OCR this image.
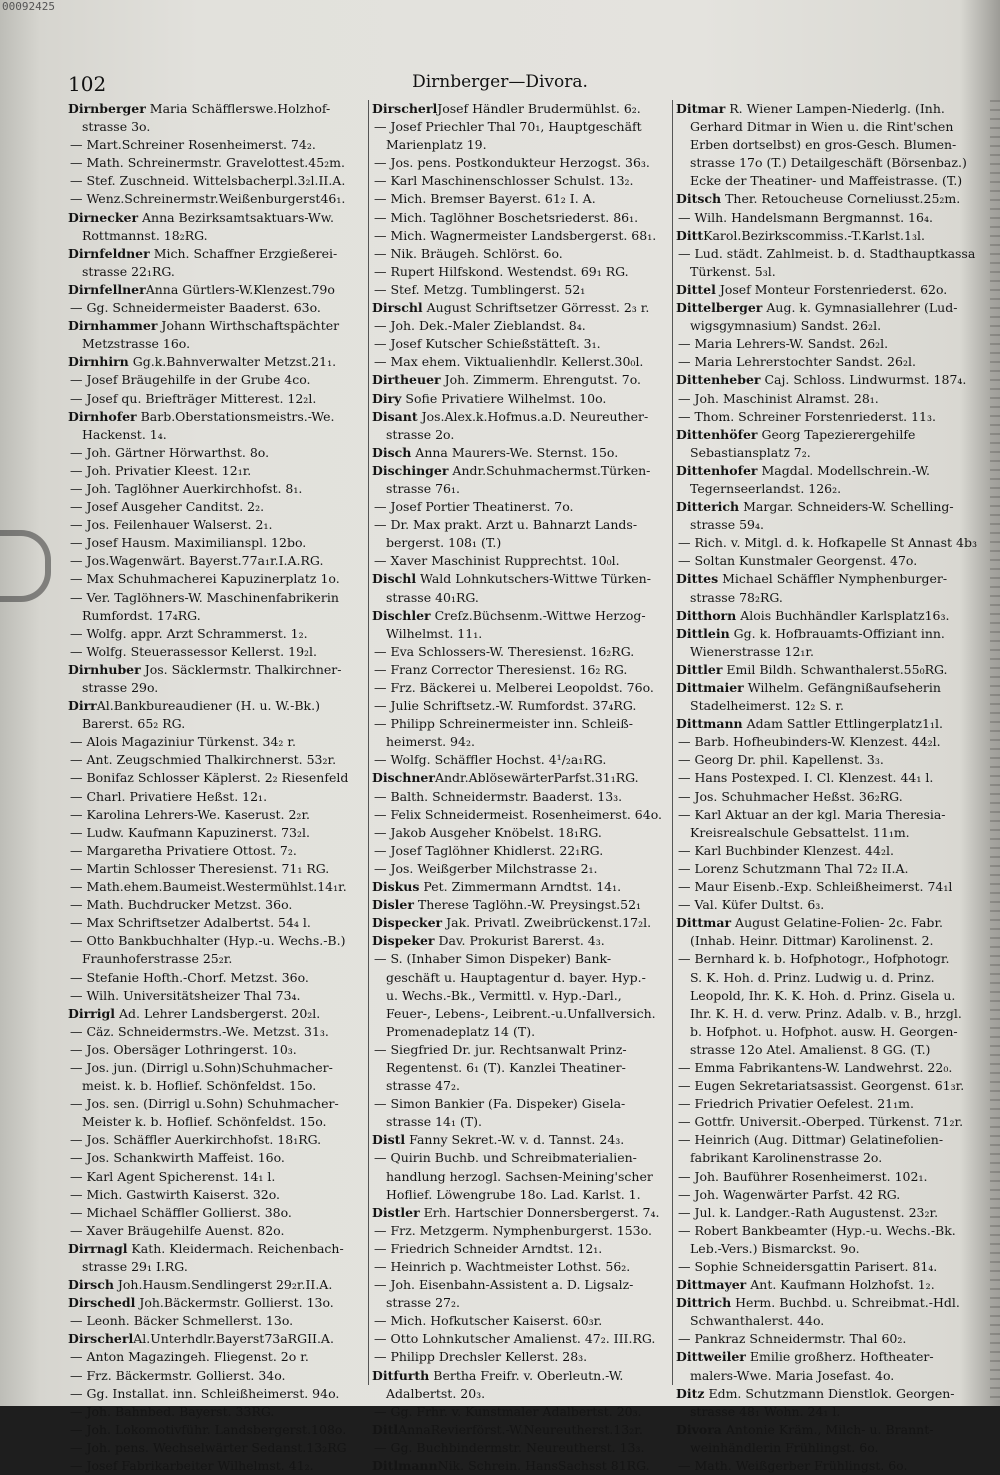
00092425
102	Dirnberger—Divora.
Dirnberger Maria Schäfflerswe.Holzhof-
strasse 3o.
— Mart.Schreiner Rosenheimerst. 74₂.
— Math. Schreinermstr. Gravelottest.45₂m.
— Stef. Zuschneid. Wittelsbacherpl.3₂l.II.A.
— Wenz.Schreinermstr.Weißenburgerst46₁.
Dirnecker Anna Bezirksamtsaktuars-Ww.
Rottmannst. 18₂RG.
Dirnfeldner Mich. Schaffner Erzgießerei-
strasse 22₁RG.
DirnfellnerAnna Gürtlers-W.Klenzest.79o
— Gg. Schneidermeister Baaderst. 63o.
Dirnhammer Johann Wirthschaftspächter
Metzstrasse 16o.
Dirnhirn Gg.k.Bahnverwalter Metzst.21₁.
— Josef Bräugehilfe in der Grube 4co.
— Josef qu. Briefträger Mitterest. 12₂l.
Dirnhofer Barb.Oberstationsmeistrs.-We.
Hackenst. 1₄.
— Joh. Gärtner Hörwarthst. 8o.
— Joh. Privatier Kleest. 12₁r.
— Joh. Taglöhner Auerkirchhofst. 8₁.
— Josef Ausgeher Canditst. 2₂.
— Jos. Feilenhauer Walserst. 2₁.
— Josef Hausm. Maximilianspl. 12bo.
— Jos.Wagenwärt. Bayerst.77a₁r.I.A.RG.
— Max Schuhmacherei Kapuzinerplatz 1o.
— Ver. Taglöhners-W. Maschinenfabrikerin
Rumfordst. 17₄RG.
— Wolfg. appr. Arzt Schrammerst. 1₂.
— Wolfg. Steuerassessor Kellerst. 19₂l.
Dirnhuber Jos. Säcklermstr. Thalkirchner-
strasse 29o.
DirrAl.Bankbureaudiener (H. u. W.-Bk.)
Barerst. 65₂ RG.
— Alois Magaziniur Türkenst. 34₂ r.
— Ant. Zeugschmied Thalkirchnerst. 53₂r.
— Bonifaz Schlosser Käplerst. 2₂ Riesenfeld
— Charl. Privatiere Heßst. 12₁.
— Karolina Lehrers-We. Kaserust. 2₂r.
— Ludw. Kaufmann Kapuzinerst. 73₂l.
— Margaretha Privatiere Ottost. 7₂.
— Martin Schlosser Theresienst. 71₁ RG.
— Math.ehem.Baumeist.Westermühlst.14₁r.
— Math. Buchdrucker Metzst. 36o.
— Max Schriftsetzer Adalbertst. 54₄ l.
— Otto Bankbuchhalter (Hyp.-u. Wechs.-B.)
Fraunhoferstrasse 25₂r.
— Stefanie Hofth.-Chorf. Metzst. 36o.
— Wilh. Universitätsheizer Thal 73₄.
Dirrigl Ad. Lehrer Landsbergerst. 20₂l.
— Cäz. Schneidermstrs.-We. Metzst. 31₃.
— Jos. Obersäger Lothringerst. 10₃.
— Jos. jun. (Dirrigl u.Sohn)Schuhmacher-
meist. k. b. Hoflief. Schönfeldst. 15o.
— Jos. sen. (Dirrigl u.Sohn) Schuhmacher-
Meister k. b. Hoflief. Schönfeldst. 15o.
— Jos. Schäffler Auerkirchhofst. 18₁RG.
— Jos. Schankwirth Maffeist. 16o.
— Karl Agent Spicherenst. 14₁ l.
— Mich. Gastwirth Kaiserst. 32o.
— Michael Schäffler Gollierst. 38o.
— Xaver Bräugehilfe Auenst. 82o.
Dirrnagl Kath. Kleidermach. Reichenbach-
strasse 29₁ I.RG.
Dirsch Joh.Hausm.Sendlingerst 29₂r.II.A.
Dirschedl Joh.Bäckermstr. Gollierst. 13o.
— Leonh. Bäcker Schmellerst. 13o.
DirscherlAl.Unterhdlr.Bayerst73aRGII.A.
— Anton Magazingeh. Fliegenst. 2o r.
— Frz. Bäckermstr. Gollierst. 34o.
— Gg. Installat. inn. Schleißheimerst. 94o.
— Joh. Bahnbed. Bayerst. 33RG.
— Joh. Lokomotivführ. Landsbergerst.108o.
— Joh. pens. Wechselwärter Sedanst.13₂RG
— Josef Fabrikarbeiter Wilhelmst. 41₂.
DirscherlJosef Händler Brudermühlst. 6₂.
— Josef Priechler Thal 70₁, Hauptgeschäft
Marienplatz 19.
— Jos. pens. Postkondukteur Herzogst. 36₃.
— Karl Maschinenschlosser Schulst. 13₂.
— Mich. Bremser Bayerst. 61₂ I. A.
— Mich. Taglöhner Boschetsriederst. 86₁.
— Mich. Wagnermeister Landsbergerst. 68₁.
— Nik. Bräugeh. Schlörst. 6o.
— Rupert Hilfskond. Westendst. 69₁ RG.
— Stef. Metzg. Tumblingerst. 52₁
Dirschl August Schriftsetzer Görresst. 2₃ r.
— Joh. Dek.-Maler Zieblandst. 8₄.
— Josef Kutscher Schießstätteſt. 3₁.
— Max ehem. Viktualienhdlr. Kellerst.30₀l.
Dirtheuer Joh. Zimmerm. Ehrengutst. 7o.
Diry Sofie Privatiere Wilhelmst. 10o.
Disant Jos.Alex.k.Hofmus.a.D. Neureuther-
strasse 2o.
Disch Anna Maurers-We. Sternst. 15o.
Dischinger Andr.Schuhmachermst.Türken-
strasse 76₁.
— Josef Portier Theatinerst. 7o.
— Dr. Max prakt. Arzt u. Bahnarzt Lands-
bergerst. 108₁ (T.)
— Xaver Maschinist Rupprechtst. 10₀l.
Dischl Wald Lohnkutschers-Wittwe Türken-
strasse 40₁RG.
Dischler Creſz.Büchsenm.-Wittwe Herzog-
Wilhelmst. 11₁.
— Eva Schlossers-W. Theresienst. 16₂RG.
— Franz Corrector Theresienst. 16₂ RG.
— Frz. Bäckerei u. Melberei Leopoldst. 76o.
— Julie Schriftsetz.-W. Rumfordst. 37₄RG.
— Philipp Schreinermeister inn. Schleiß-
heimerst. 94₂.
— Wolfg. Schäffler Hochst. 4¹/₂a₁RG.
DischnerAndr.AblösewärterParfst.31₁RG.
— Balth. Schneidermstr. Baaderst. 13₃.
— Felix Schneidermeist. Rosenheimerst. 64o.
— Jakob Ausgeher Knöbelst. 18₁RG.
— Josef Taglöhner Khidlerst. 22₁RG.
— Jos. Weißgerber Milchstrasse 2₁.
Diskus Pet. Zimmermann Arndtst. 14₁.
Disler Therese Taglöhn.-W. Preysingst.52₁
Dispecker Jak. Privatl. Zweibrückenst.17₂l.
Dispeker Dav. Prokurist Barerst. 4₃.
— S. (Inhaber Simon Dispeker) Bank-
geschäft u. Hauptagentur d. bayer. Hyp.-
u. Wechs.-Bk., Vermittl. v. Hyp.-Darl.,
Feuer-, Lebens-, Leibrent.-u.Unfallversich.
Promenadeplatz 14 (T).
— Siegfried Dr. jur. Rechtsanwalt Prinz-
Regentenst. 6₁ (T). Kanzlei Theatiner-
strasse 47₂.
— Simon Bankier (Fa. Dispeker) Gisela-
strasse 14₁ (T).
Distl Fanny Sekret.-W. v. d. Tannst. 24₃.
— Quirin Buchb. und Schreibmaterialien-
handlung herzogl. Sachsen-Meining'scher
Hoflief. Löwengrube 18o. Lad. Karlst. 1.
Distler Erh. Hartschier Donnersbergerst. 7₄.
— Frz. Metzgerm. Nymphenburgerst. 153o.
— Friedrich Schneider Arndtst. 12₁.
— Heinrich p. Wachtmeister Lothst. 56₂.
— Joh. Eisenbahn-Assistent a. D. Ligsalz-
strasse 27₂.
— Mich. Hofkutscher Kaiserst. 60₃r.
— Otto Lohnkutscher Amalienst. 47₂. III.RG.
— Philipp Drechsler Kellerst. 28₃.
Ditfurth Bertha Freifr. v. Oberleutn.-W.
Adalbertst. 20₃.
— Gg. Frhr. v. Kunstmaler Adalbertst. 20₃.
DitlAnnaRevierförst.-W.Neureutherst.13₂r.
— Gg. Buchbindermstr. Neureutherst. 13₃.
DitlmannNik. Schrein. HansSachsst 81RG.
Ditmar R. Wiener Lampen-Niederlg. (Inh.
Gerhard Ditmar in Wien u. die Rint'schen
Erben dortselbst) en gros-Gesch. Blumen-
strasse 17o (T.) Detailgeschäft (Börsenbaz.)
Ecke der Theatiner- und Maffeistrasse. (T.)
Ditsch Ther. Retoucheuse Corneliusst.25₂m.
— Wilh. Handelsmann Bergmannst. 16₄.
DittKarol.Bezirkscommiss.-T.Karlst.1₃l.
— Lud. städt. Zahlmeist. b. d. Stadthauptkassa
Türkenst. 5₃l.
Dittel Josef Monteur Forstenriederst. 62o.
Dittelberger Aug. k. Gymnasiallehrer (Lud-
wigsgymnasium) Sandst. 26₂l.
— Maria Lehrers-W. Sandst. 26₂l.
— Maria Lehrerstochter Sandst. 26₂l.
Dittenheber Caj. Schloss. Lindwurmst. 187₄.
— Joh. Maschinist Alramst. 28₁.
— Thom. Schreiner Forstenriederst. 11₃.
Dittenhöfer Georg Tapezierergehilfe
Sebastiansplatz 7₂.
Dittenhofer Magdal. Modellschrein.-W.
Tegernseerlandst. 126₂.
Ditterich Margar. Schneiders-W. Schelling-
strasse 59₄.
— Rich. v. Mitgl. d. k. Hofkapelle St Annast 4b₃
— Soltan Kunstmaler Georgenst. 47o.
Dittes Michael Schäffler Nymphenburger-
strasse 78₂RG.
Ditthorn Alois Buchhändler Karlsplatz16₃.
Dittlein Gg. k. Hofbrauamts-Offiziant inn.
Wienerstrasse 12₁r.
Dittler Emil Bildh. Schwanthalerst.55₀RG.
Dittmaier Wilhelm. Gefängnißaufseherin
Stadelheimerst. 12₂ S. r.
Dittmann Adam Sattler Ettlingerplatz1₁l.
— Barb. Hofheubinders-W. Klenzest. 44₂l.
— Georg Dr. phil. Kapellenst. 3₃.
— Hans Postexped. I. Cl. Klenzest. 44₁ l.
— Jos. Schuhmacher Heßst. 36₂RG.
— Karl Aktuar an der kgl. Maria Theresia-
Kreisrealschule Gebsattelst. 11₁m.
— Karl Buchbinder Klenzest. 44₂l.
— Lorenz Schutzmann Thal 72₂ II.A.
— Maur Eisenb.-Exp. Schleißheimerst. 74₁l
— Val. Küfer Dultst. 6₃.
Dittmar August Gelatine-Folien- 2c. Fabr.
(Inhab. Heinr. Dittmar) Karolinenst. 2.
— Bernhard k. b. Hofphotogr., Hofphotogr.
S. K. Hoh. d. Prinz. Ludwig u. d. Prinz.
Leopold, Ihr. K. K. Hoh. d. Prinz. Gisela u.
Ihr. K. H. d. verw. Prinz. Adalb. v. B., hrzgl.
b. Hofphot. u. Hofphot. ausw. H. Georgen-
strasse 12o Atel. Amalienst. 8 GG. (T.)
— Emma Fabrikantens-W. Landwehrst. 22₀.
— Eugen Sekretariatsassist. Georgenst. 61₃r.
— Friedrich Privatier Oefelest. 21₁m.
— Gottfr. Universit.-Oberped. Türkenst. 71₂r.
— Heinrich (Aug. Dittmar) Gelatinefolien-
fabrikant Karolinenstrasse 2o.
— Joh. Bauführer Rosenheimerst. 102₁.
— Joh. Wagenwärter Parfst. 42 RG.
— Jul. k. Landger.-Rath Augustenst. 23₂r.
— Robert Bankbeamter (Hyp.-u. Wechs.-Bk.
Leb.-Vers.) Bismarckst. 9o.
— Sophie Schneidersgattin Parisert. 81₄.
Dittmayer Ant. Kaufmann Holzhofst. 1₂.
Dittrich Herm. Buchbd. u. Schreibmat.-Hdl.
Schwanthalerst. 44o.
— Pankraz Schneidermstr. Thal 60₂.
Dittweiler Emilie großherz. Hoftheater-
malers-Wwe. Maria Josefast. 4o.
Ditz Edm. Schutzmann Dienstlok. Georgen-
strasse 48₁ Wohn. 24₁ l.
Divora Antonie Kräm., Milch- u. Brannt-
weinhändlerin Frühlingst. 6o.
— Math. Weißgerber Frühlingst. 6o.
